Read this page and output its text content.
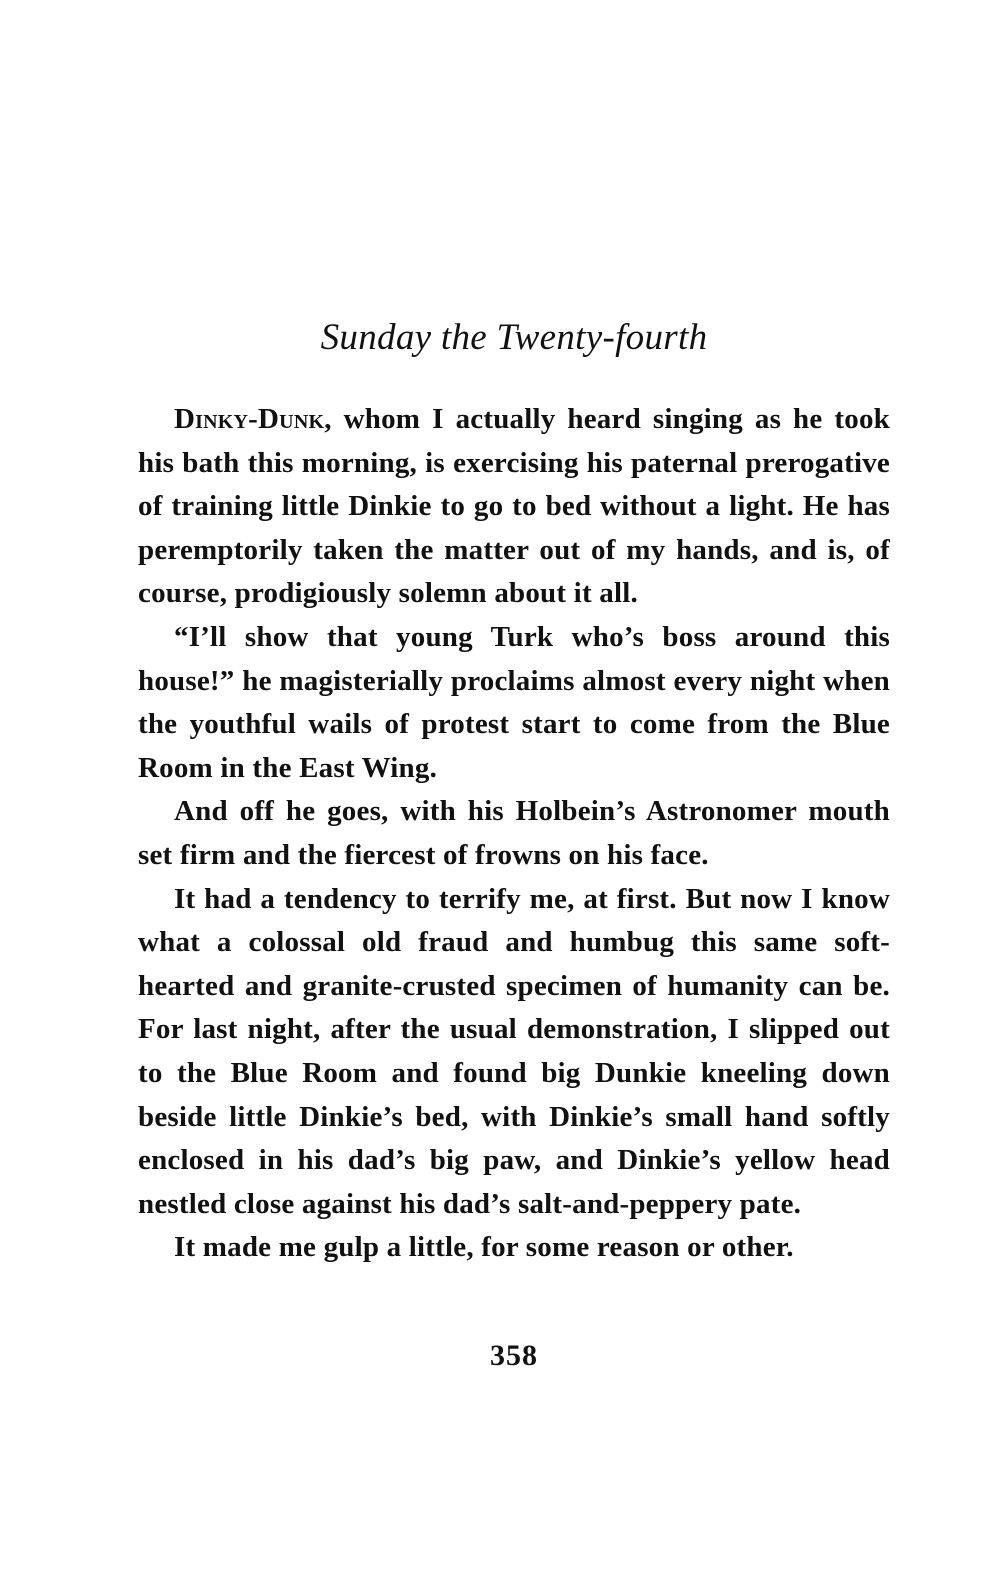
Sunday the Twenty-fourth

Dinky-Dunk, whom I actually heard singing as he took his bath this morning, is exercising his paternal prerogative of training little Dinkie to go to bed without a light. He has peremptorily taken the matter out of my hands, and is, of course, prodigiously solemn about it all.

“I’ll show that young Turk who’s boss around this house!” he magisterially proclaims almost every night when the youthful wails of protest start to come from the Blue Room in the East Wing.

And off he goes, with his Holbein’s Astronomer mouth set firm and the fiercest of frowns on his face.

It had a tendency to terrify me, at first. But now I know what a colossal old fraud and humbug this same soft-hearted and granite-crusted specimen of humanity can be. For last night, after the usual demonstration, I slipped out to the Blue Room and found big Dunkie kneeling down beside little Dinkie’s bed, with Dinkie’s small hand softly enclosed in his dad’s big paw, and Dinkie’s yellow head nestled close against his dad’s salt-and-peppery pate.

It made me gulp a little, for some reason or other.

358
